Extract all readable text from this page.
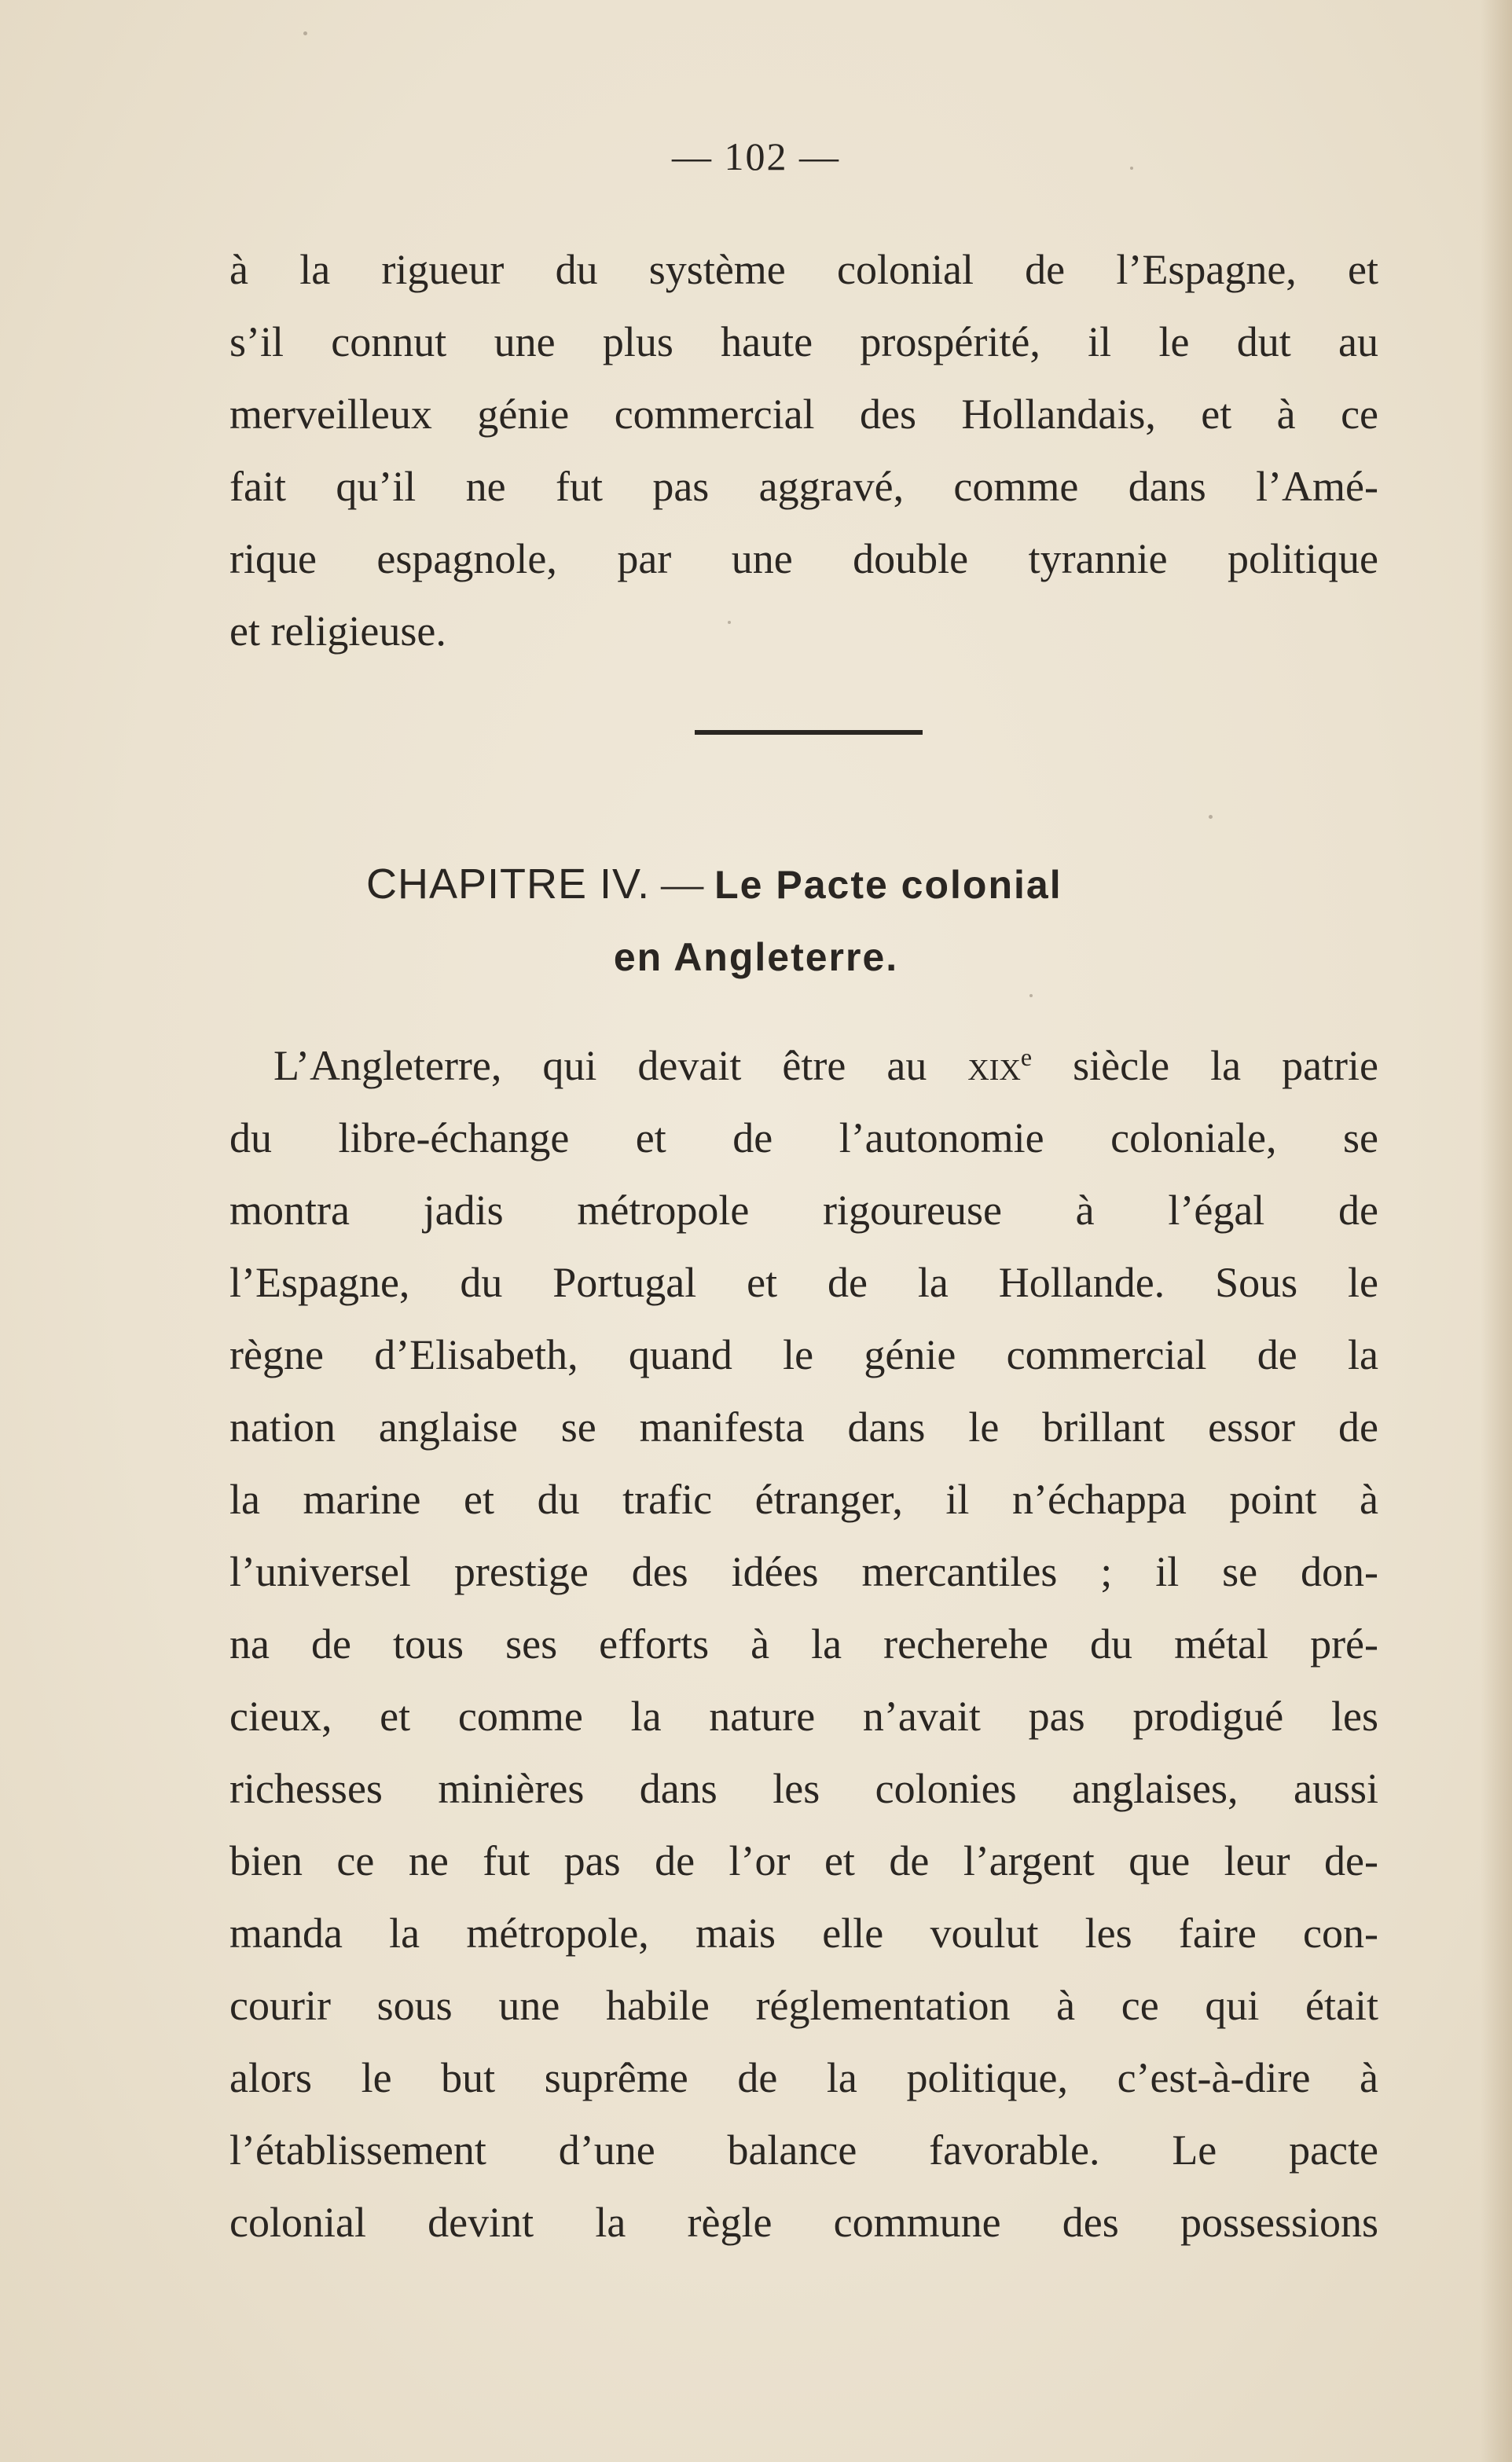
— 102 —
à la rigueur du système colonial de l’Espagne, et
s’il connut une plus haute prospérité, il le dut au
merveilleux génie commercial des Hollandais, et à ce
fait qu’il ne fut pas aggravé, comme dans l’Amé-
rique espagnole, par une double tyrannie politique
et religieuse.
CHAPITRE IV. — Le Pacte colonial
en Angleterre.
L’Angleterre, qui devait être au xix$^e$ siècle la patrie
du libre-échange et de l’autonomie coloniale, se
montra jadis métropole rigoureuse à l’égal de
l’Espagne, du Portugal et de la Hollande. Sous le
règne d’Elisabeth, quand le génie commercial de la
nation anglaise se manifesta dans le brillant essor de
la marine et du trafic étranger, il n’échappa point à
l’universel prestige des idées mercantiles ; il se don-
na de tous ses efforts à la recherehe du métal pré-
cieux, et comme la nature n’avait pas prodigué les
richesses minières dans les colonies anglaises, aussi
bien ce ne fut pas de l’or et de l’argent que leur de-
manda la métropole, mais elle voulut les faire con-
courir sous une habile réglementation à ce qui était
alors le but suprême de la politique, c’est-à-dire à
l’établissement d’une balance favorable. Le pacte
colonial devint la règle commune des possessions
